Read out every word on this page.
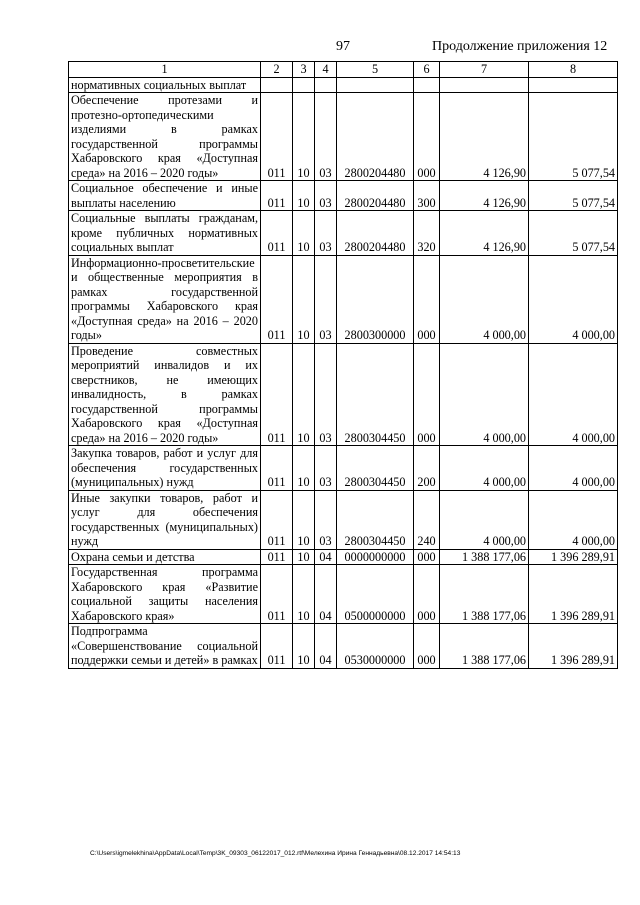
97	Продолжение приложения 12
1	2	3	4	5	6	7	8
нормативных социальных выплат							
Обеспечение протезами и протезно-ортопедическими изделиями в рамках государственной программы Хабаровского края «Доступная среда» на 2016 – 2020 годы»	011	10	03	2800204480	000	4 126,90	5 077,54
Социальное обеспечение и иные выплаты населению	011	10	03	2800204480	300	4 126,90	5 077,54
Социальные выплаты гражданам, кроме публичных нормативных социальных выплат	011	10	03	2800204480	320	4 126,90	5 077,54
Информационно-просветительские и общественные мероприятия в рамках государственной программы Хабаровского края «Доступная среда» на 2016 – 2020 годы»	011	10	03	2800300000	000	4 000,00	4 000,00
Проведение совместных мероприятий инвалидов и их сверстников, не имеющих инвалидность, в рамках государственной программы Хабаровского края «Доступная среда» на 2016 – 2020 годы»	011	10	03	2800304450	000	4 000,00	4 000,00
Закупка товаров, работ и услуг для обеспечения государственных (муниципальных) нужд	011	10	03	2800304450	200	4 000,00	4 000,00
Иные закупки товаров, работ и услуг для обеспечения государственных (муниципальных) нужд	011	10	03	2800304450	240	4 000,00	4 000,00
Охрана семьи и детства	011	10	04	0000000000	000	1 388 177,06	1 396 289,91
Государственная программа Хабаровского края «Развитие социальной защиты населения Хабаровского края»	011	10	04	0500000000	000	1 388 177,06	1 396 289,91
Подпрограмма «Совершенствование социальной поддержки семьи и детей» в рамках	011	10	04	0530000000	000	1 388 177,06	1 396 289,91
C:\Users\igmelekhina\AppData\Local\Temp\3K_09303_06122017_012.rtf\Мелехина Ирина Геннадьевна\08.12.2017 14:54:13
